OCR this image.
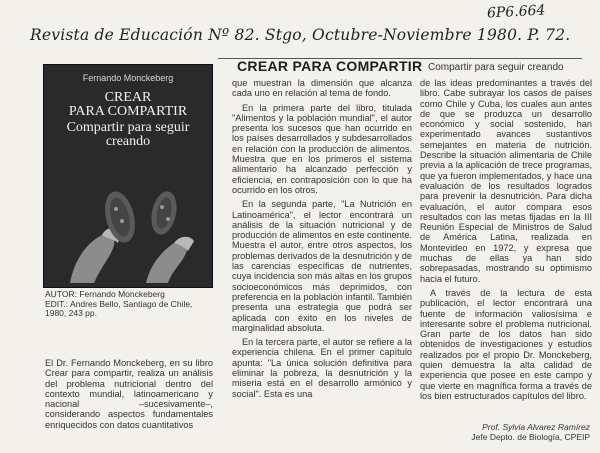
6P6.664
Revista de Educación Nº 82. Stgo, Octubre-Noviembre 1980. P. 72.
Fernando Monckeberg
CREAR
PARA COMPARTIR
Compartir para seguir
creando
AUTOR: Fernando Monckeberg
EDIT.: Andres Bello, Santiago de Chile,
1980, 243 pp.
CREAR PARA COMPARTIR Compartir para seguir creando

El Dr. Fernando Monckeberg, en su libro Crear para compartir, realiza un análisis del problema nutricional dentro del contexto mundial, latinoamericano y nacional –sucesivamente–, considerando aspectos fundamentales enriquecidos con datos cuantitativos

que muestran la dimensión que alcanza cada uno en relación al tema de fondo.

En la primera parte del libro, titulada "Alimentos y la población mundial", el autor presenta los sucesos que han ocurrido en los países desarrollados y subdesarrollados en relación con la producción de alimentos. Muestra que en los primeros el sistema alimentario ha alcanzado perfección y eficiencia, en contraposición con lo que ha ocurrido en los otros.

En la segunda parte, "La Nutrición en Latinoamérica", el lector encontrará un análisis de la situación nutricional y de producción de alimentos en este continente. Muestra el autor, entre otros aspectos, los problemas derivados de la desnutrición y de las carencias específicas de nutrientes, cuya incidencia son más altas en los grupos socioeconómicos más deprimidos, con preferencia en la población infantil. También presenta una estrategia que podrá ser aplicada con éxito en los niveles de marginalidad absoluta.

En la tercera parte, el autor se refiere a la experiencia chilena. En el primer capítulo apunta: "La única solución definitiva para eliminar la pobreza, la desnutrición y la miseria está en el desarrollo armónico y social". Esta es una

de las ideas predominantes a través del libro. Cabe subrayar los casos de países como Chile y Cuba, los cuales aun antes de que se produzca un desarrollo económico y social sostenido, han experimentado avances sustantivos semejantes en materia de nutrición. Describe la situación alimentaria de Chile previa a la aplicación de trece programas, que ya fueron implementados, y hace una evaluación de los resultados logrados para prevenir la desnutrición. Para dicha evaluación, el autor compara esos resultados con las metas fijadas en la III Reunión Especial de Ministros de Salud de América Latina, realizada en Montevideo en 1972, y expresa que muchas de ellas ya han sido sobrepasadas, mostrando su optimismo hacia el futuro.

A través de la lectura de esta publicación, el lector encontrará una fuente de información valiosísima e interesante sobre el problema nutricional. Gran parte de los datos han sido obtenidos de investigaciones y estudios realizados por el propio Dr. Monckeberg, quien demuestra la alta calidad de experiencia que posee en este campo y que vierte en magnífica forma a través de los bien estructurados capítulos del libro.

Prof. Sylvia Alvarez Ramírez
Jefe Depto. de Biología, CPEIP
